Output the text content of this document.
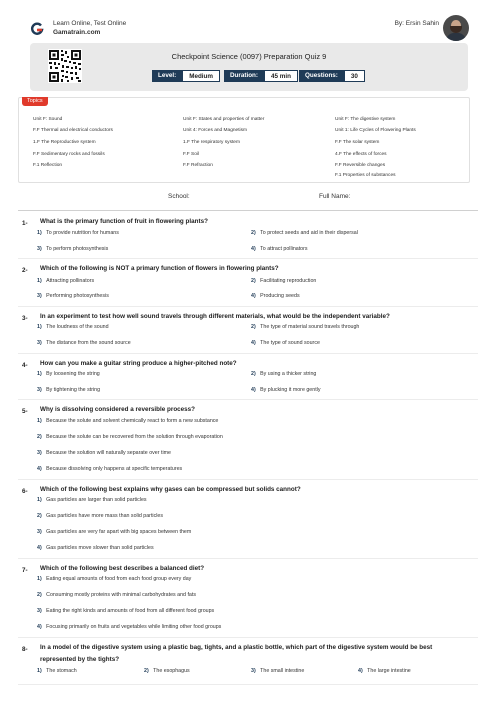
Learn Online, Test Online
Gamatrain.com
By: Ersin Sahin
Checkpoint Science (0097) Preparation Quiz 9
Level:	Medium	Duration:	45 min	Questions:	30
Topics
Unit F: Sound	Unit F: States and properties of matter	Unit F: The digestive system
F.F Thermal and electrical conductors	Unit 4: Forces and Magnetism	Unit 1: Life Cycles of Flowering Plants
1.F The Reproductive system	1.F The respiratory system	F.F The solar system
F.F Sedimentary rocks and fossils	F.F Soil	4.F The effects of forces
F.1 Reflection	F.F Refraction	F.F Reversible changes
F.1 Properties of substances
School:	Full Name:
1- What is the primary function of fruit in flowering plants?
1) To provide nutrition for humans	2) To protect seeds and aid in their dispersal
3) To perform photosynthesis	4) To attract pollinators
2- Which of the following is NOT a primary function of flowers in flowering plants?
1) Attracting pollinators	2) Facilitating reproduction
3) Performing photosynthesis	4) Producing seeds
3- In an experiment to test how well sound travels through different materials, what would be the independent variable?
1) The loudness of the sound	2) The type of material sound travels through
3) The distance from the sound source	4) The type of sound source
4- How can you make a guitar string produce a higher-pitched note?
1) By loosening the string	2) By using a thicker string
3) By tightening the string	4) By plucking it more gently
5- Why is dissolving considered a reversible process?
1) Because the solute and solvent chemically react to form a new substance
2) Because the solute can be recovered from the solution through evaporation
3) Because the solution will naturally separate over time
4) Because dissolving only happens at specific temperatures
6- Which of the following best explains why gases can be compressed but solids cannot?
1) Gas particles are larger than solid particles
2) Gas particles have more mass than solid particles
3) Gas particles are very far apart with big spaces between them
4) Gas particles move slower than solid particles
7- Which of the following best describes a balanced diet?
1) Eating equal amounts of food from each food group every day
2) Consuming mostly proteins with minimal carbohydrates and fats
3) Eating the right kinds and amounts of food from all different food groups
4) Focusing primarily on fruits and vegetables while limiting other food groups
8- In a model of the digestive system using a plastic bag, tights, and a plastic bottle, which part of the digestive system would be best
represented by the tights?
1) The stomach	2) The esophagus	3) The small intestine	4) The large intestine
